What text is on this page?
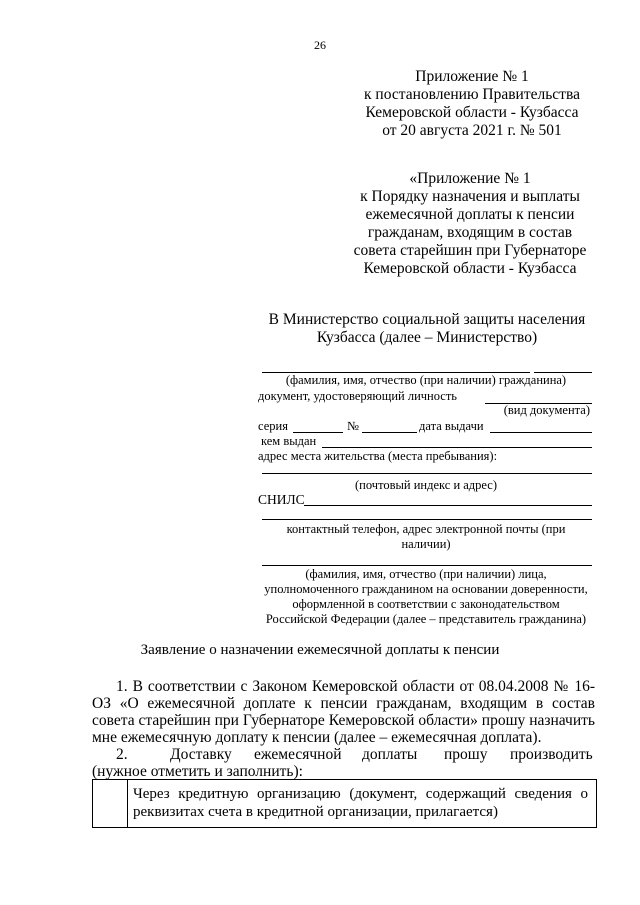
26
Приложение № 1
к постановлению Правительства
Кемеровской области - Кузбасса
от 20 августа 2021 г. № 501
«Приложение № 1
к Порядку назначения и выплаты
ежемесячной доплаты к пенсии
гражданам, входящим в состав
совета старейшин при Губернаторе
Кемеровской области - Кузбасса
В Министерство социальной защиты населения
Кузбасса (далее – Министерство)
(фамилия, имя, отчество (при наличии) гражданина)
документ, удостоверяющий личность
(вид документа)
серия	№	дата выдачи
кем выдан
адрес места жительства (места пребывания):
(почтовый индекс и адрес)
СНИЛС
контактный телефон, адрес электронной почты (при
наличии)
(фамилия, имя, отчество (при наличии) лица,
уполномоченного гражданином на основании доверенности,
оформленной в соответствии с законодательством
Российской Федерации (далее – представитель гражданина)
Заявление о назначении ежемесячной доплаты к пенсии
1. В соответствии с Законом Кемеровской области от 08.04.2008 № 16-ОЗ «О ежемесячной доплате к пенсии гражданам, входящим в состав совета старейшин при Губернаторе Кемеровской области» прошу назначить мне ежемесячную доплату к пенсии (далее – ежемесячная доплата).
2.	Доставку ежемесячной доплаты прошу производить
(нужное отметить и заполнить):
Через кредитную организацию (документ, содержащий сведения о реквизитах счета в кредитной организации, прилагается)
